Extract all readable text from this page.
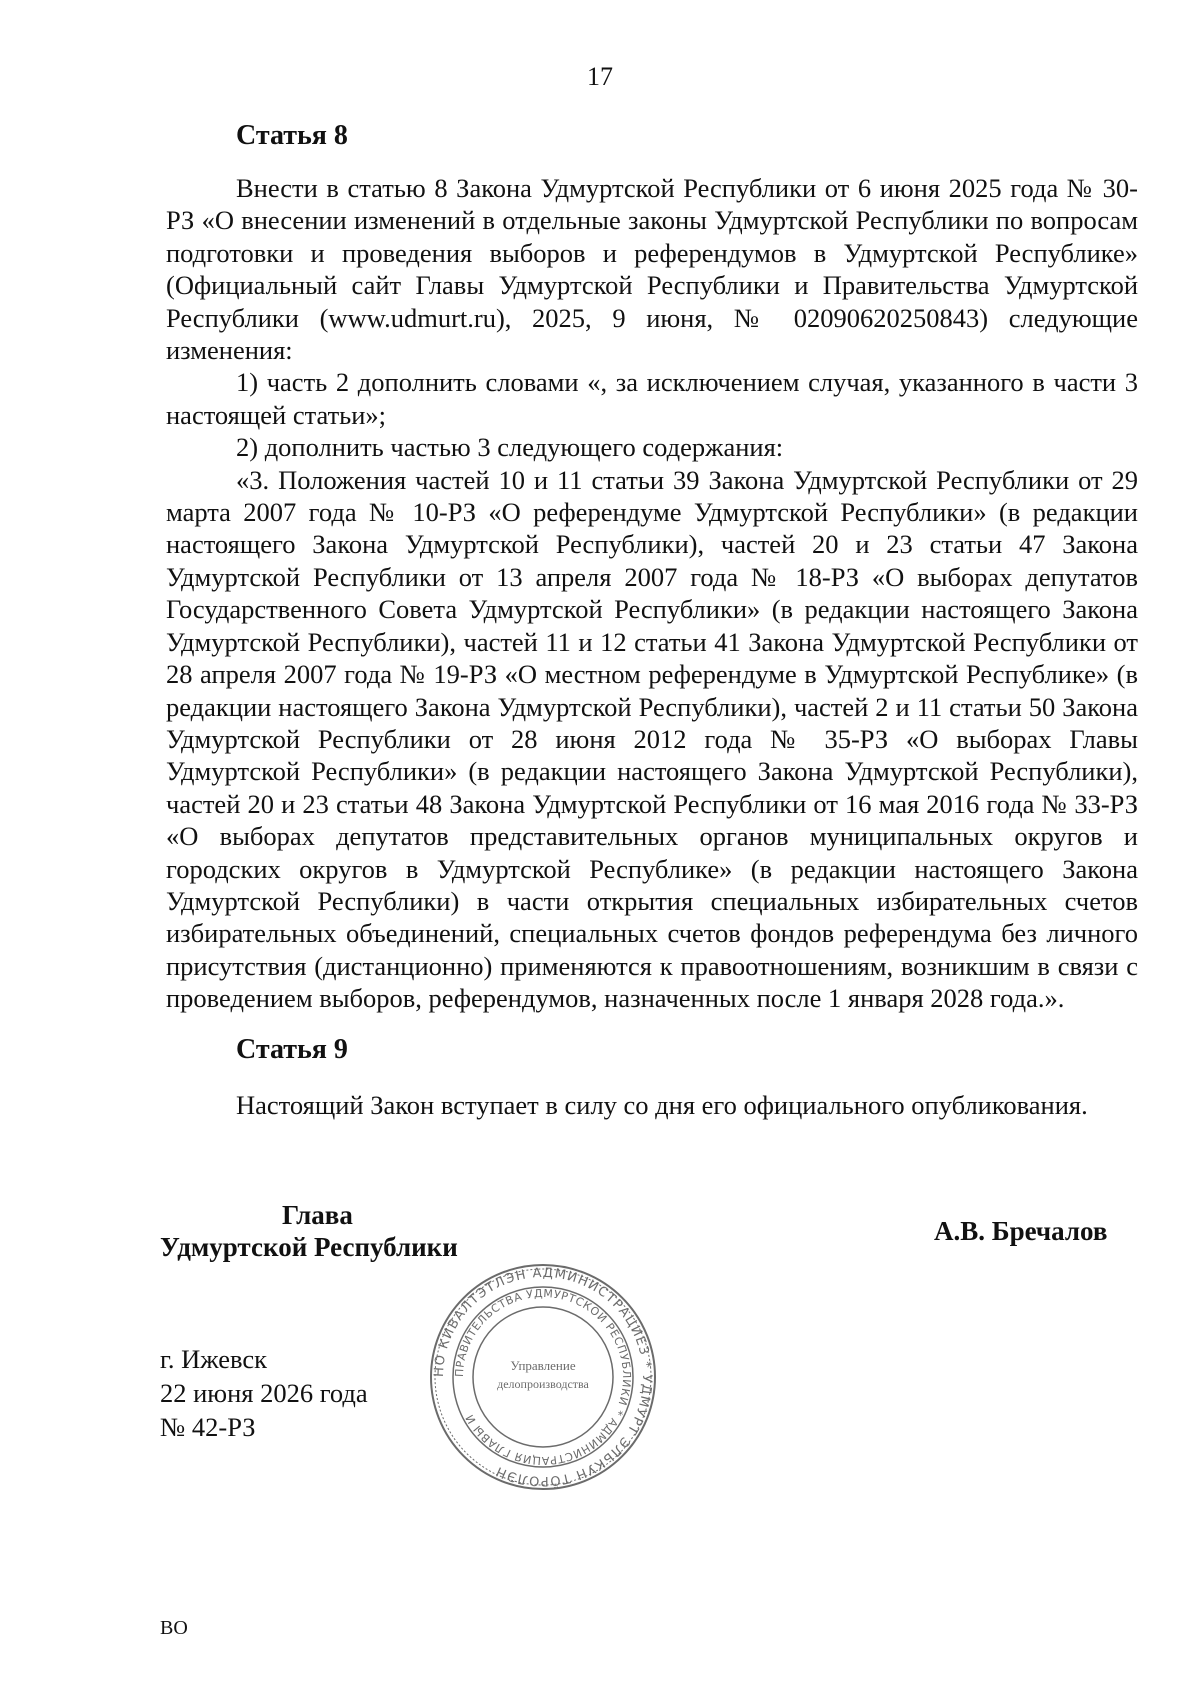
17
Статья 8

Внести в статью 8 Закона Удмуртской Республики от 6 июня 2025 года № 30-РЗ «О внесении изменений в отдельные законы Удмуртской Республики по вопросам подготовки и проведения выборов и референдумов в Удмуртской Республике» (Официальный сайт Главы Удмуртской Республики и Правительства Удмуртской Республики (www.udmurt.ru), 2025, 9 июня, № 02090620250843) следующие изменения:

1) часть 2 дополнить словами «, за исключением случая, указанного в части 3 настоящей статьи»;

2) дополнить частью 3 следующего содержания:

«3. Положения частей 10 и 11 статьи 39 Закона Удмуртской Республики от 29 марта 2007 года № 10-РЗ «О референдуме Удмуртской Республики» (в редакции настоящего Закона Удмуртской Республики), частей 20 и 23 статьи 47 Закона Удмуртской Республики от 13 апреля 2007 года № 18-РЗ «О выборах депутатов Государственного Совета Удмуртской Республики» (в редакции настоящего Закона Удмуртской Республики), частей 11 и 12 статьи 41 Закона Удмуртской Республики от 28 апреля 2007 года № 19-РЗ «О местном референдуме в Удмуртской Республике» (в редакции настоящего Закона Удмуртской Республики), частей 2 и 11 статьи 50 Закона Удмуртской Республики от 28 июня 2012 года № 35-РЗ «О выборах Главы Удмуртской Республики» (в редакции настоящего Закона Удмуртской Республики), частей 20 и 23 статьи 48 Закона Удмуртской Республики от 16 мая 2016 года № 33-РЗ «О выборах депутатов представительных органов муниципальных округов и городских округов в Удмуртской Республике» (в редакции настоящего Закона Удмуртской Республики) в части открытия специальных избирательных счетов избирательных объединений, специальных счетов фондов референдума без личного присутствия (дистанционно) применяются к правоотношениям, возникшим в связи с проведением выборов, референдумов, назначенных после 1 января 2028 года.».

Статья 9
Настоящий Закон вступает в силу со дня его официального опубликования.
Глава
Удмуртской Республики
А.В. Бречалов
НО КИВАЛТЭТЛЭН АДМИНИСТРАЦИЕЗ * УДМУРТ ЭЛЬКУН ТӦРОЛЭН
ПРАВИТЕЛЬСТВА УДМУРТСКОЙ РЕСПУБЛИКИ * АДМИНИСТРАЦИЯ ГЛАВЫ И
Управление
делопроизводства
г. Ижевск
22 июня 2026 года
№ 42-РЗ
ВО
